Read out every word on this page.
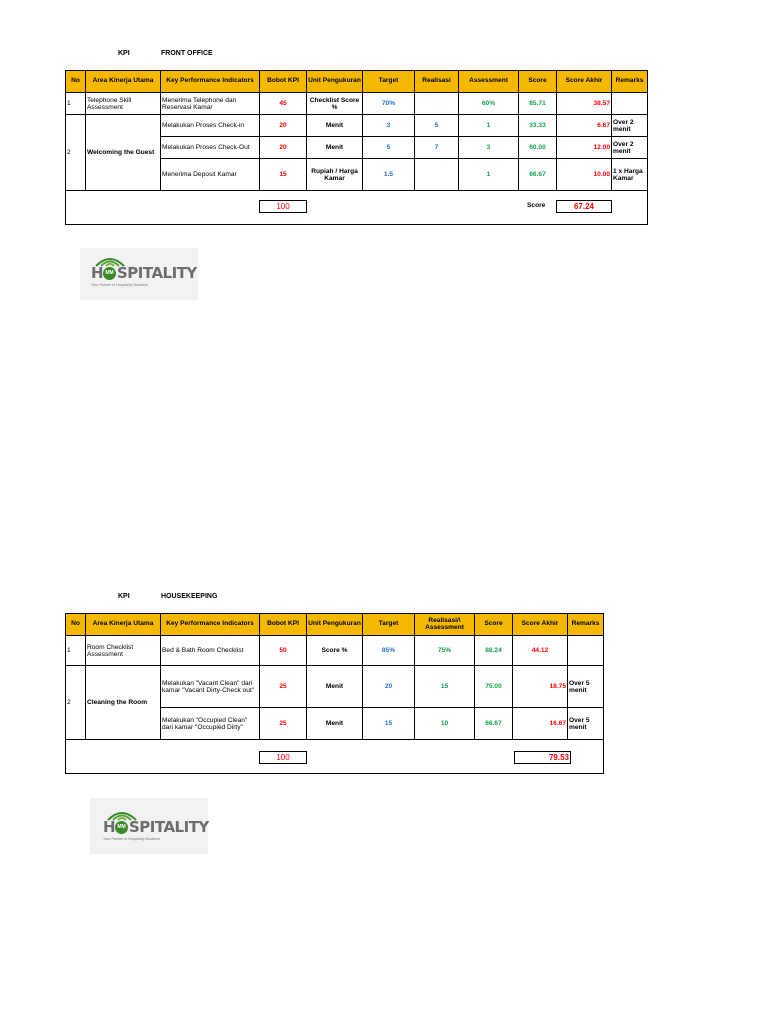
KPI	FRONT OFFICE
No	Area Kinerja Utama	Key Performance Indicators	Bobot KPI	Unit Pengukuran	Target	Realisasi	Assessment	Score	Score Akhir	Remarks
1	Telephone Skill Assessment	Menerima Telephone dan Reservasi Kamar	45	Checklist Score %	70%		60%	85.71	38.57	
2	Welcoming the Guest	Melakukan Proses Check-in	20	Menit	3	5	1	33.33	6.67	Over 2 menit
		Melakukan Proses Check-Out	20	Menit	5	7	3	60.00	12.00	Over 2 menit
		Menerima Deposit Kamar	15	Rupiah / Harga Kamar	1.5		1	66.67	10.00	1 x Harga Kamar

100	Score	67.24
H MM SPITALITY
Your Partner in Hospitality Business
KPI	HOUSEKEEPING
No	Area Kinerja Utama	Key Performance Indicators	Bobot KPI	Unit Pengukuran	Target	Realisasi/\ Assessment	Score	Score Akhir	Remarks
1	Room Checklist Assessment	Bed & Bath Room Checklist	50	Score %	85%	75%	88.24	44.12	
2	Cleaning the Room	Melakukan "Vacant Clean" dari kamar "Vacant Dirty-Check out"	25	Menit	20	15	75.00	18.75	Over 5 menit
		Melakukan "Occupied Clean" dari kamar "Occupied Dirty"	25	Menit	15	10	66.67	16.67	Over 5 menit

100	79.53
H MM SPITALITY
Your Partner in Hospitality Business
